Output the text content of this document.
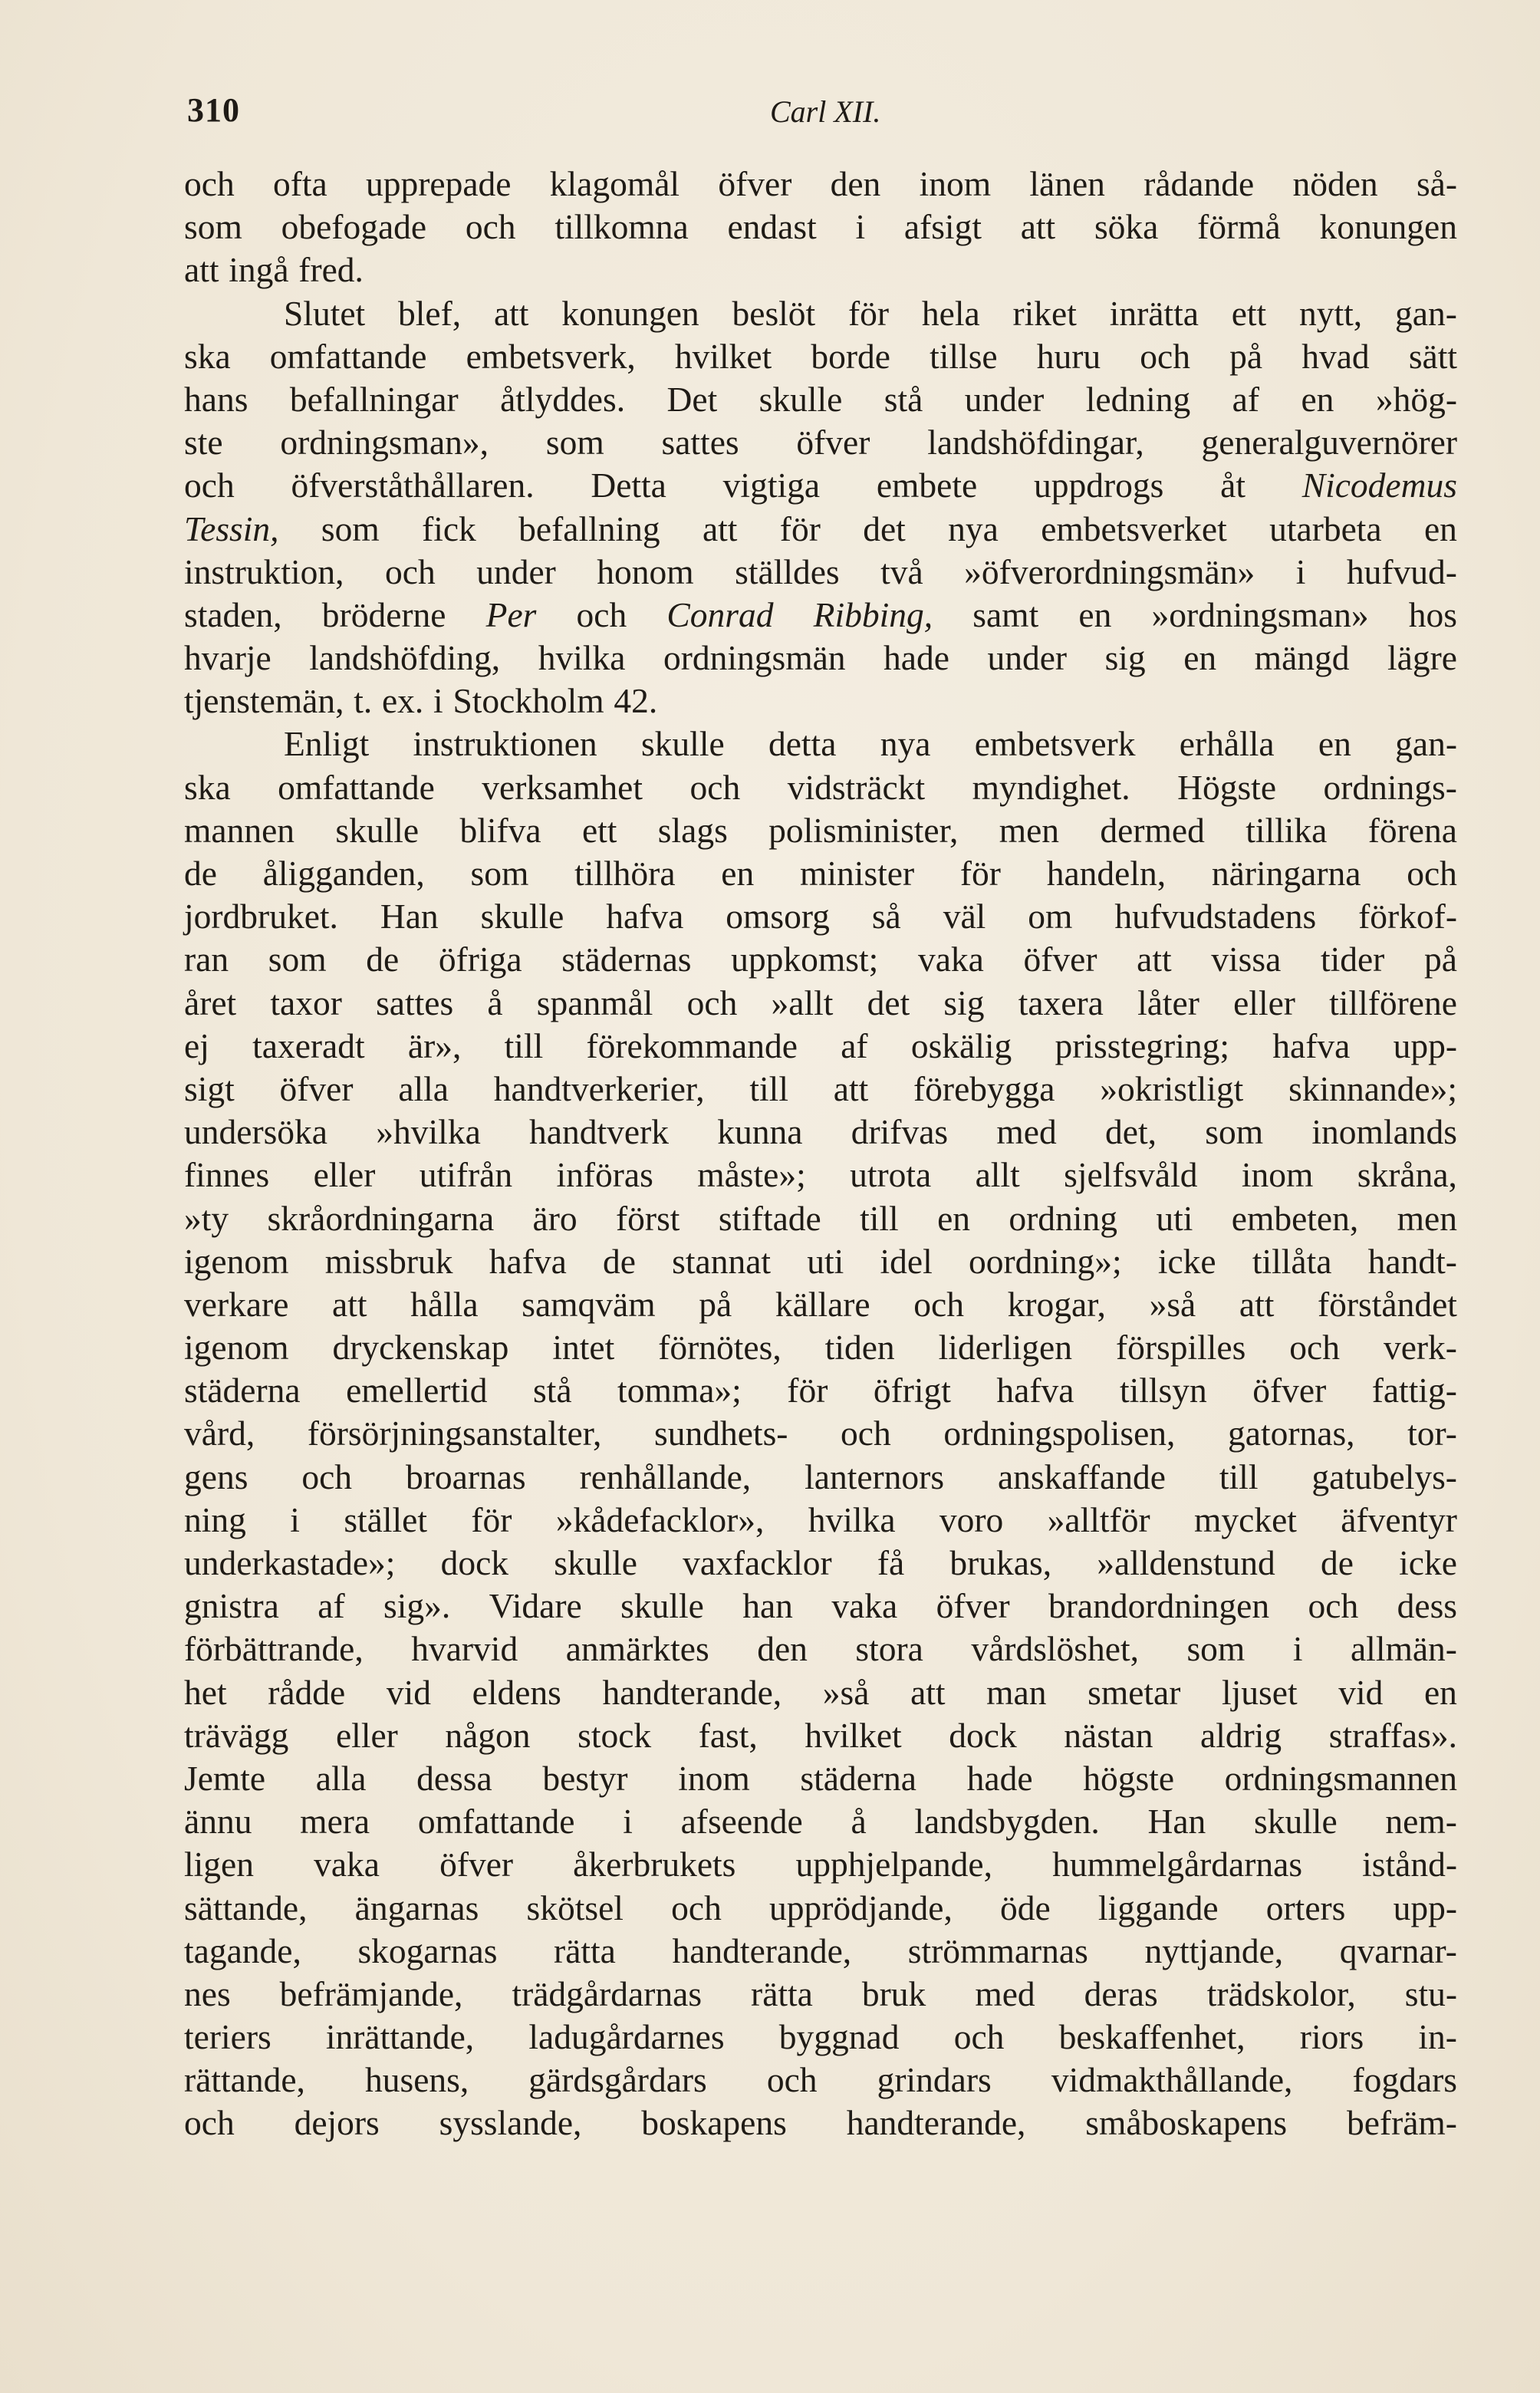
310	Carl XII.
och ofta upprepade klagomål öfver den inom länen rådande nöden så-
som obefogade och tillkomna endast i afsigt att söka förmå konungen
att ingå fred.
Slutet blef, att konungen beslöt för hela riket inrätta ett nytt, gan-
ska omfattande embetsverk, hvilket borde tillse huru och på hvad sätt
hans befallningar åtlyddes. Det skulle stå under ledning af en »hög-
ste ordningsman», som sattes öfver landshöfdingar, generalguvernörer
och öfverståthållaren. Detta vigtiga embete uppdrogs åt Nicodemus
Tessin, som fick befallning att för det nya embetsverket utarbeta en
instruktion, och under honom ställdes två »öfverordningsmän» i hufvud-
staden, bröderne Per och Conrad Ribbing, samt en »ordningsman» hos
hvarje landshöfding, hvilka ordningsmän hade under sig en mängd lägre
tjenstemän, t. ex. i Stockholm 42.
Enligt instruktionen skulle detta nya embetsverk erhålla en gan-
ska omfattande verksamhet och vidsträckt myndighet. Högste ordnings-
mannen skulle blifva ett slags polisminister, men dermed tillika förena
de åligganden, som tillhöra en minister för handeln, näringarna och
jordbruket. Han skulle hafva omsorg så väl om hufvudstadens förkof-
ran som de öfriga städernas uppkomst; vaka öfver att vissa tider på
året taxor sattes å spanmål och »allt det sig taxera låter eller tillförene
ej taxeradt är», till förekommande af oskälig prisstegring; hafva upp-
sigt öfver alla handtverkerier, till att förebygga »okristligt skinnande»;
undersöka »hvilka handtverk kunna drifvas med det, som inomlands
finnes eller utifrån införas måste»; utrota allt sjelfsvåld inom skråna,
»ty skråordningarna äro först stiftade till en ordning uti embeten, men
igenom missbruk hafva de stannat uti idel oordning»; icke tillåta handt-
verkare att hålla samqväm på källare och krogar, »så att förståndet
igenom dryckenskap intet förnötes, tiden liderligen förspilles och verk-
städerna emellertid stå tomma»; för öfrigt hafva tillsyn öfver fattig-
vård, försörjningsanstalter, sundhets- och ordningspolisen, gatornas, tor-
gens och broarnas renhållande, lanternors anskaffande till gatubelys-
ning i stället för »kådefacklor», hvilka voro »alltför mycket äfventyr
underkastade»; dock skulle vaxfacklor få brukas, »alldenstund de icke
gnistra af sig». Vidare skulle han vaka öfver brandordningen och dess
förbättrande, hvarvid anmärktes den stora vårdslöshet, som i allmän-
het rådde vid eldens handterande, »så att man smetar ljuset vid en
trävägg eller någon stock fast, hvilket dock nästan aldrig straffas».
Jemte alla dessa bestyr inom städerna hade högste ordningsmannen
ännu mera omfattande i afseende å landsbygden. Han skulle nem-
ligen vaka öfver åkerbrukets upphjelpande, hummelgårdarnas istånd-
sättande, ängarnas skötsel och upprödjande, öde liggande orters upp-
tagande, skogarnas rätta handterande, strömmarnas nyttjande, qvarnar-
nes befrämjande, trädgårdarnas rätta bruk med deras trädskolor, stu-
teriers inrättande, ladugårdarnes byggnad och beskaffenhet, riors in-
rättande, husens, gärdsgårdars och grindars vidmakthållande, fogdars
och dejors sysslande, boskapens handterande, småboskapens befräm-
